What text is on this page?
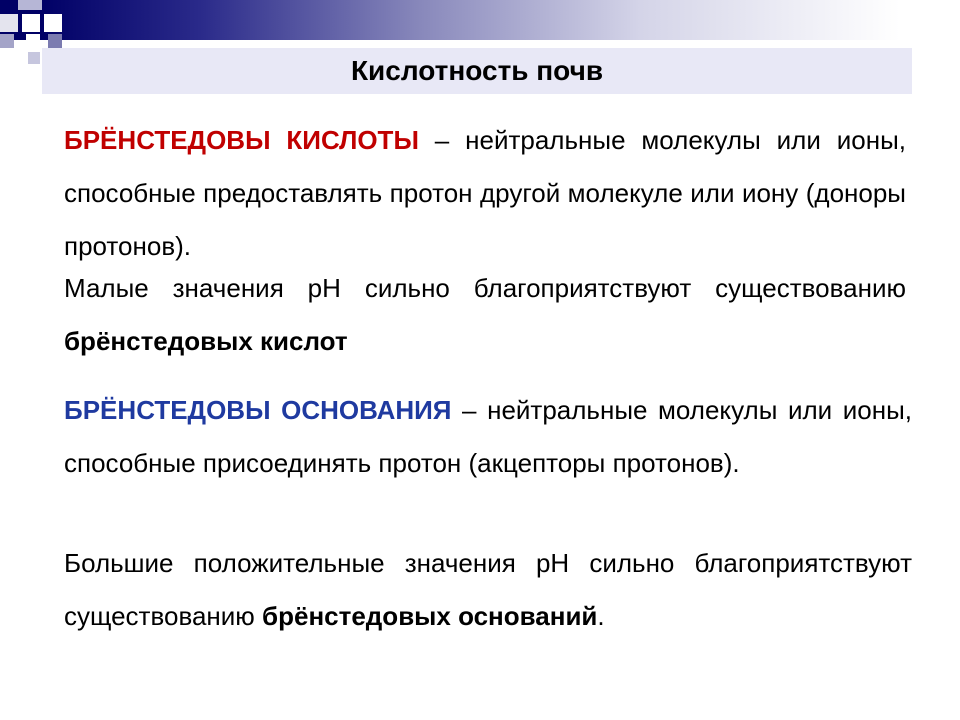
Кислотность почв
БРЁНСТЕДОВЫ КИСЛОТЫ – нейтральные молекулы или ионы, способные предоставлять протон другой молекуле или иону (доноры протонов).
Малые значения рН сильно благоприятствуют существованию брёнстедовых кислот
БРЁНСТЕДОВЫ ОСНОВАНИЯ – нейтральные молекулы или ионы, способные присоединять протон (акцепторы протонов).
Большие положительные значения рН сильно благоприятствуют существованию брёнстедовых оснований.
